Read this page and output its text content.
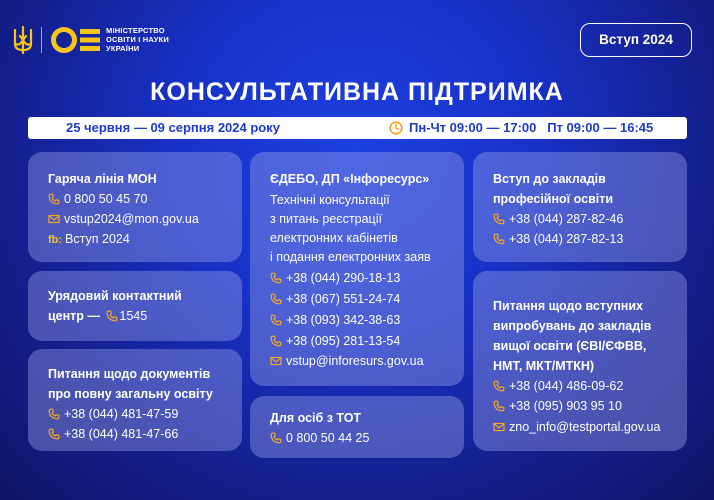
МІНІСТЕРСТВО
ОСВІТИ І НАУКИ
УКРАЇНИ
Вступ 2024
КОНСУЛЬТАТИВНА ПІДТРИМКА
25 червня — 09 серпня 2024 року	Пн-Чт 09:00 — 17:00   Пт 09:00 — 16:45
Гаряча лінія МОН
0 800 50 45 70
vstup2024@mon.gov.ua
fb: Вступ 2024
Урядовий контактний
центр — 1545
Питання щодо документів
про повну загальну освіту
+38 (044) 481-47-59
+38 (044) 481-47-66
ЄДЕБО, ДП «Інфоресурс»
Технічні консультації
з питань реєстрації
електронних кабінетів
і подання електронних заяв
+38 (044) 290-18-13
+38 (067) 551-24-74
+38 (093) 342-38-63
+38 (095) 281-13-54
vstup@inforesurs.gov.ua
Для осіб з ТОТ
0 800 50 44 25
Вступ до закладів
професійної освіти
+38 (044) 287-82-46
+38 (044) 287-82-13
Питання щодо вступних
випробувань до закладів
вищої освіти (ЄВІ/ЄФВВ,
НМТ, МКТ/МТКН)
+38 (044) 486-09-62
+38 (095) 903 95 10
zno_info@testportal.gov.ua
